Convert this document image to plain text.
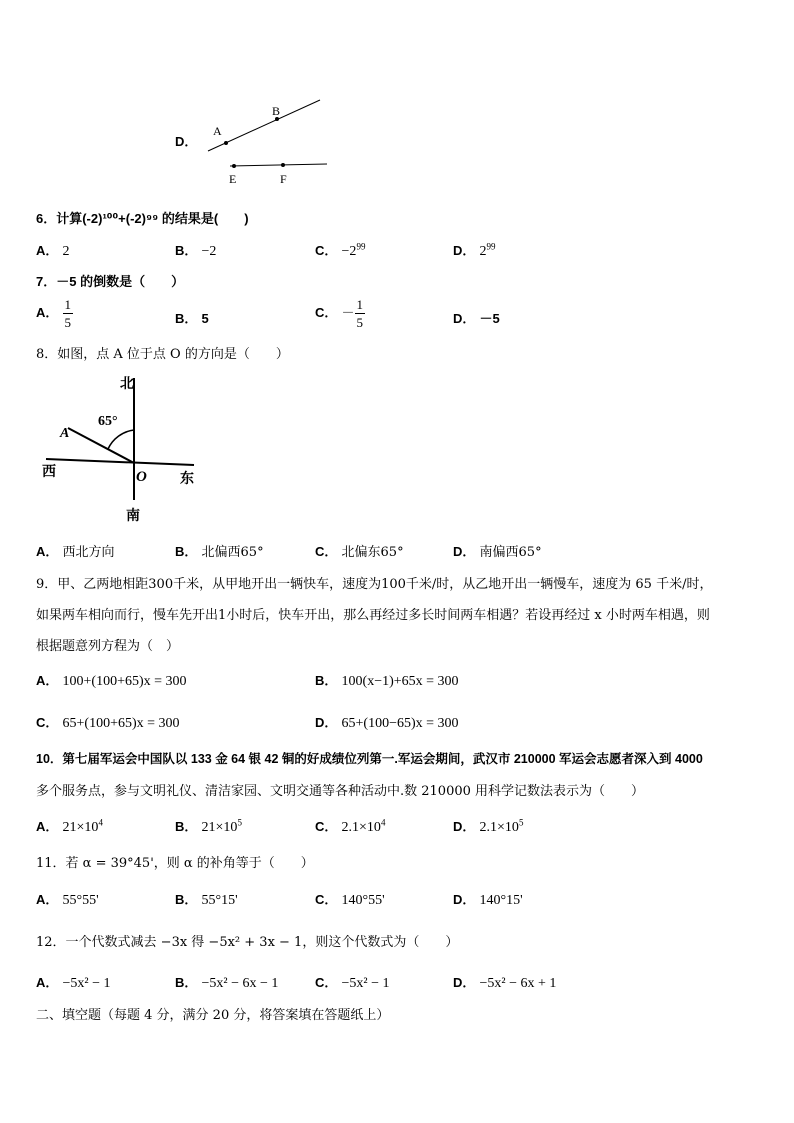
D．
A
B
E	F
6．计算(-2)¹⁰⁰+(-2)⁹⁹ 的结果是(　　)
A． 2	B． −2	C． $-2^{99}$	D． $2^{99}$
7．－5 的倒数是（　　）
A． $\frac{1}{5}$	B． 5	C． － $\frac{1}{5}$	D． －5
8．如图，点 A 位于点 O 的方向是（　　）
北
65°
A
西	O 东
南
A． 西北方向	B． 北偏西65°	C． 北偏东65°	D． 南偏西65°
9．甲、乙两地相距300千米，从甲地开出一辆快车，速度为100千米/时，从乙地开出一辆慢车，速度为 65 千米/时，
如果两车相向而行，慢车先开出1小时后，快车开出，那么再经过多长时间两车相遇？若设再经过 x 小时两车相遇，则
根据题意列方程为（　）
A． 100+(100+65)x = 300	B． 100(x−1)+65x = 300
C． 65+(100+65)x = 300	D． 65+(100−65)x = 300
10．第七届军运会中国队以 133 金 64 银 42 铜的好成绩位列第一.军运会期间，武汉市 210000 军运会志愿者深入到 4000
多个服务点，参与文明礼仪、清洁家园、文明交通等各种活动中.数 210000 用科学记数法表示为（　　）
A． $21\times 10^4$	B． $21\times 10^5$	C． $2.1\times 10^4$	D． $2.1\times 10^5$
11．若 α = 39°45'，则 α 的补角等于（　　）
A． 55°55'	B． 55°15'	C． 140°55'	D． 140°15'
12．一个代数式减去 −3x 得 −5x² + 3x − 1，则这个代数式为（　　）
A． −5x² − 1	B． −5x² − 6x − 1	C． −5x² − 1	D． −5x² − 6x + 1
二、填空题（每题 4 分，满分 20 分，将答案填在答题纸上）
